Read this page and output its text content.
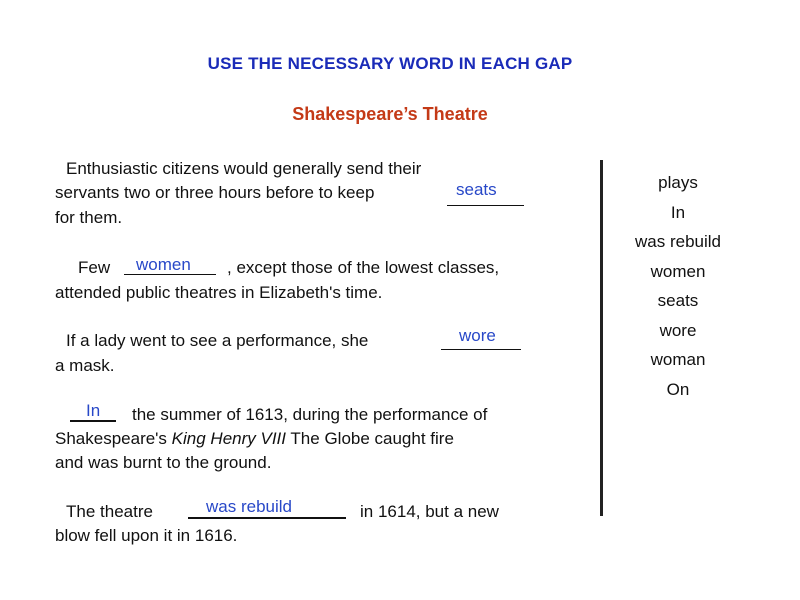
USE THE NECESSARY WORD IN EACH GAP
Shakespeare’s Theatre
Enthusiastic citizens would generally send their
servants two or three hours before to keep	seats
for them.
Few women , except those of the lowest classes,
attended public theatres in Elizabeth's time.
If a lady went to see a performance, she	wore
a mask.
In the summer of 1613, during the performance of
Shakespeare's King Henry VIII The Globe caught fire
and was burnt to the ground.
The theatre	was rebuild	in 1614, but a new
blow fell upon it in 1616.
plays
In
was rebuild
women
seats
wore
woman
On
